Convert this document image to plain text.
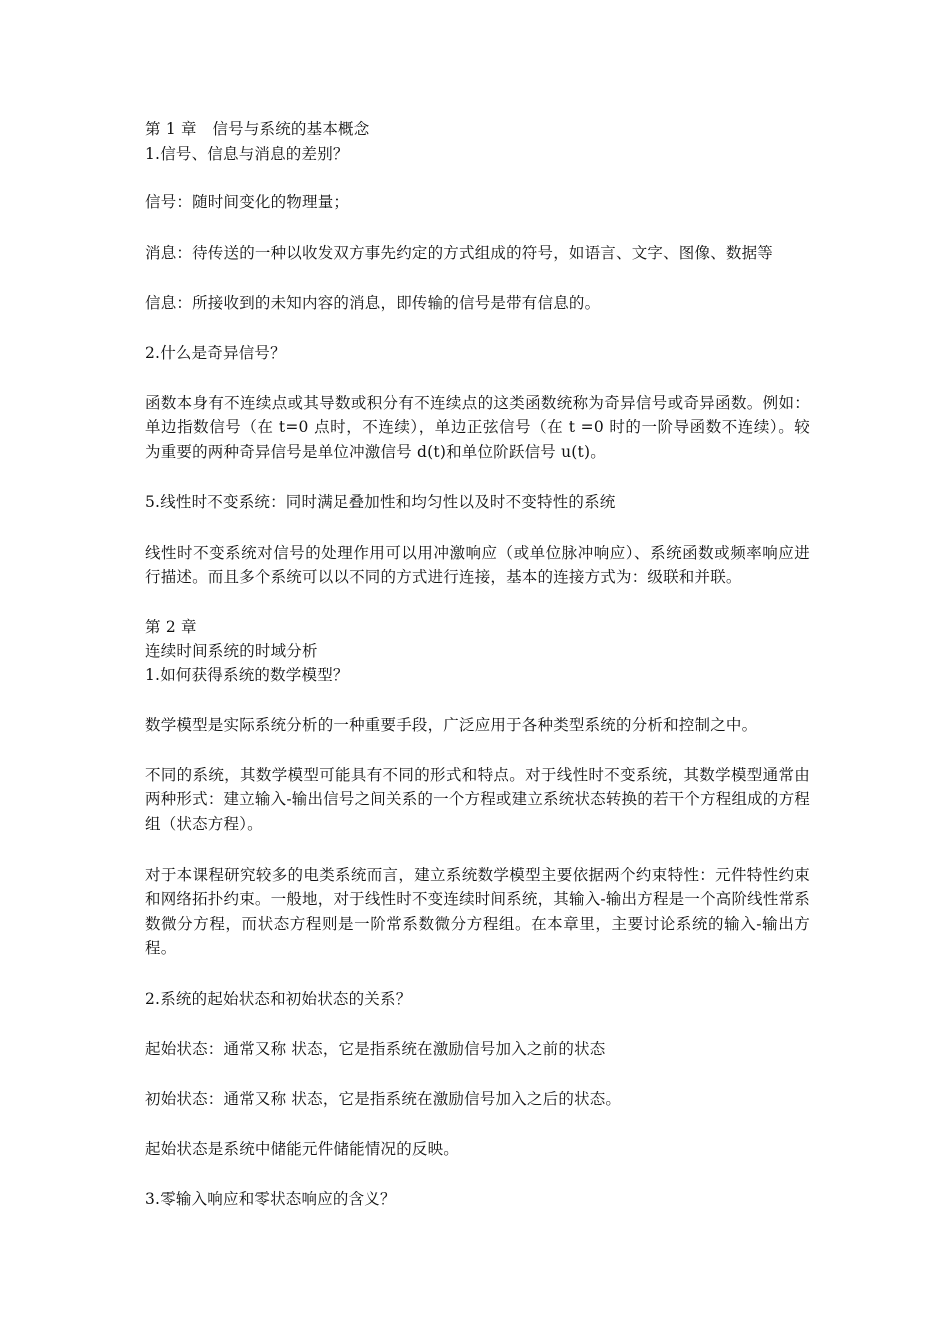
第 1 章　信号与系统的基本概念
1.信号、信息与消息的差别？
信号：随时间变化的物理量；
消息：待传送的一种以收发双方事先约定的方式组成的符号，如语言、文字、图像、数据等
信息：所接收到的未知内容的消息，即传输的信号是带有信息的。
2.什么是奇异信号？
函数本身有不连续点或其导数或积分有不连续点的这类函数统称为奇异信号或奇异函数。例如：单边指数信号（在 t=0 点时，不连续），单边正弦信号（在 t =0 时的一阶导函数不连续）。较为重要的两种奇异信号是单位冲激信号 d(t)和单位阶跃信号 u(t)。
5.线性时不变系统：同时满足叠加性和均匀性以及时不变特性的系统
线性时不变系统对信号的处理作用可以用冲激响应（或单位脉冲响应）、系统函数或频率响应进行描述。而且多个系统可以以不同的方式进行连接，基本的连接方式为：级联和并联。
第 2 章
连续时间系统的时域分析
1.如何获得系统的数学模型？
数学模型是实际系统分析的一种重要手段，广泛应用于各种类型系统的分析和控制之中。
不同的系统，其数学模型可能具有不同的形式和特点。对于线性时不变系统，其数学模型通常由两种形式：建立输入-输出信号之间关系的一个方程或建立系统状态转换的若干个方程组成的方程组（状态方程）。
对于本课程研究较多的电类系统而言，建立系统数学模型主要依据两个约束特性：元件特性约束和网络拓扑约束。一般地，对于线性时不变连续时间系统，其输入-输出方程是一个高阶线性常系数微分方程，而状态方程则是一阶常系数微分方程组。在本章里，主要讨论系统的输入-输出方程。
2.系统的起始状态和初始状态的关系？
起始状态：通常又称 状态，它是指系统在激励信号加入之前的状态
初始状态：通常又称 状态，它是指系统在激励信号加入之后的状态。
起始状态是系统中储能元件储能情况的反映。
3.零输入响应和零状态响应的含义？
